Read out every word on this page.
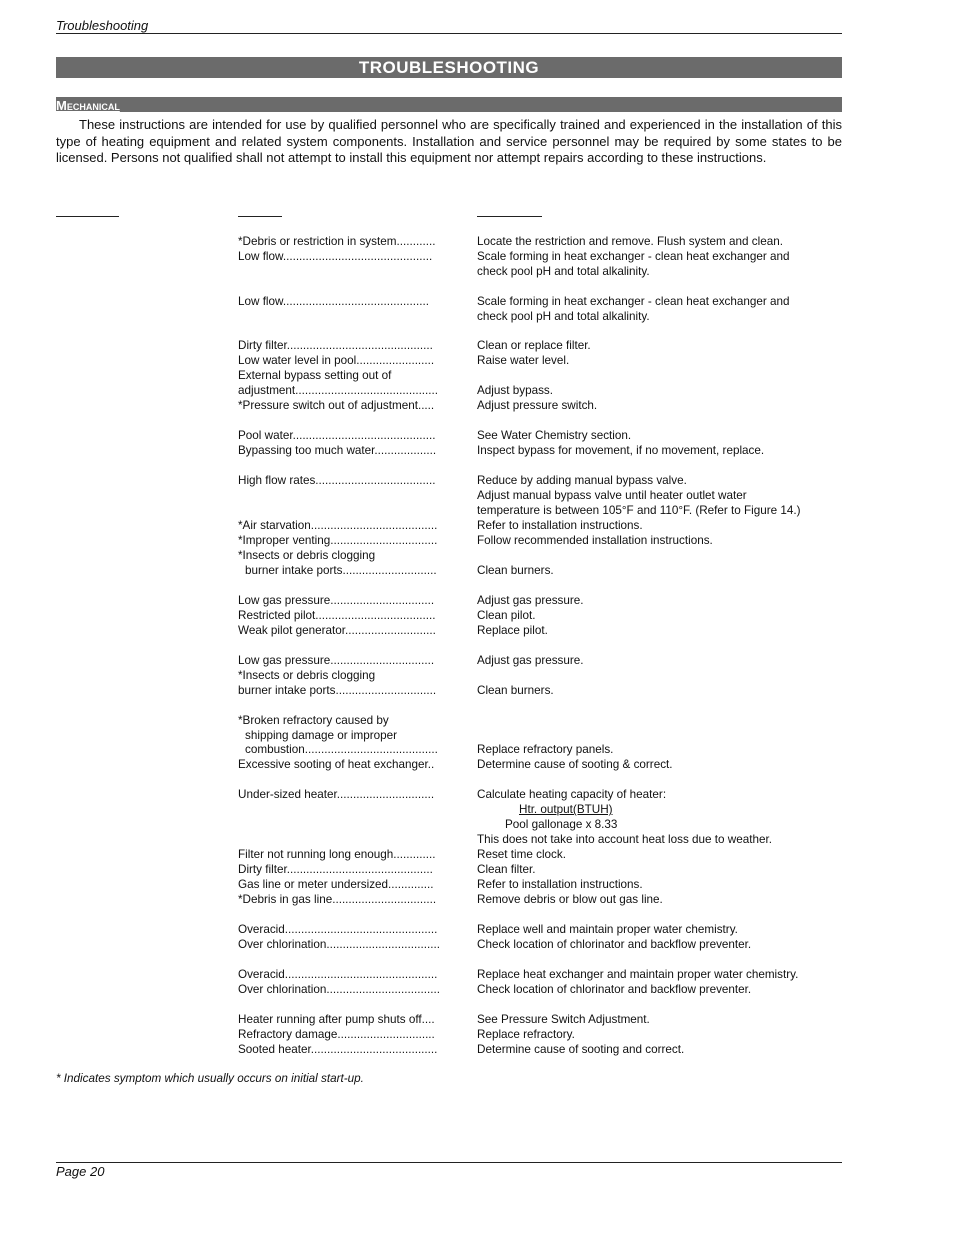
Troubleshooting
TROUBLESHOOTING
Mechanical
These instructions are intended for use by qualified personnel who are specifically trained and experienced in the installation of this type of heating equipment and related system components. Installation and service personnel may be required by some states to be licensed. Persons not qualified shall not attempt to install this equipment nor attempt repairs according to these instructions.
*Debris or restriction in system............
Low flow..............................................
Low flow.............................................
Dirty filter.............................................
Low water level in pool........................
External bypass setting out of
adjustment............................................
*Pressure switch out of adjustment.....
Pool water............................................
Bypassing too much water...................
High flow rates.....................................
*Air starvation.......................................
*Improper venting.................................
*Insects or debris clogging
burner intake ports.............................
Low gas pressure................................
Restricted pilot.....................................
Weak pilot generator............................
Low gas pressure................................
*Insects or debris clogging
burner intake ports...............................
*Broken refractory caused by
shipping damage or improper
combustion.........................................
Excessive sooting of heat exchanger..
Under-sized heater..............................
Filter not running long enough.............
Dirty filter.............................................
Gas line or meter undersized..............
*Debris in gas line................................
Overacid...............................................
Over chlorination...................................
Overacid...............................................
Over chlorination...................................
Heater running after pump shuts off....
Refractory damage..............................
Sooted heater.......................................
Locate the restriction and remove. Flush system and clean.
Scale forming in heat exchanger - clean heat exchanger and
check pool pH and total alkalinity.
Scale forming in heat exchanger - clean heat exchanger and
check pool pH and total alkalinity.
Clean or replace filter.
Raise water level.
Adjust bypass.
Adjust pressure switch.
See Water Chemistry section.
Inspect bypass for movement, if no movement, replace.
Reduce by adding manual bypass valve.
Adjust manual bypass valve until heater outlet water
temperature is between 105°F and 110°F. (Refer to Figure 14.)
Refer to installation instructions.
Follow recommended installation instructions.
Clean burners.
Adjust gas pressure.
Clean pilot.
Replace pilot.
Adjust gas pressure.
Clean burners.
Replace refractory panels.
Determine cause of sooting & correct.
Calculate heating capacity of heater:
Htr. output(BTUH)
Pool gallonage x 8.33
This does not take into account heat loss due to weather.
Reset time clock.
Clean filter.
Refer to installation instructions.
Remove debris or blow out gas line.
Replace well and maintain proper water chemistry.
Check location of chlorinator and backflow preventer.
Replace heat exchanger and maintain proper water chemistry.
Check location of chlorinator and backflow preventer.
See Pressure Switch Adjustment.
Replace refractory.
Determine cause of sooting and correct.
* Indicates symptom which usually occurs on initial start-up.
Page 20
